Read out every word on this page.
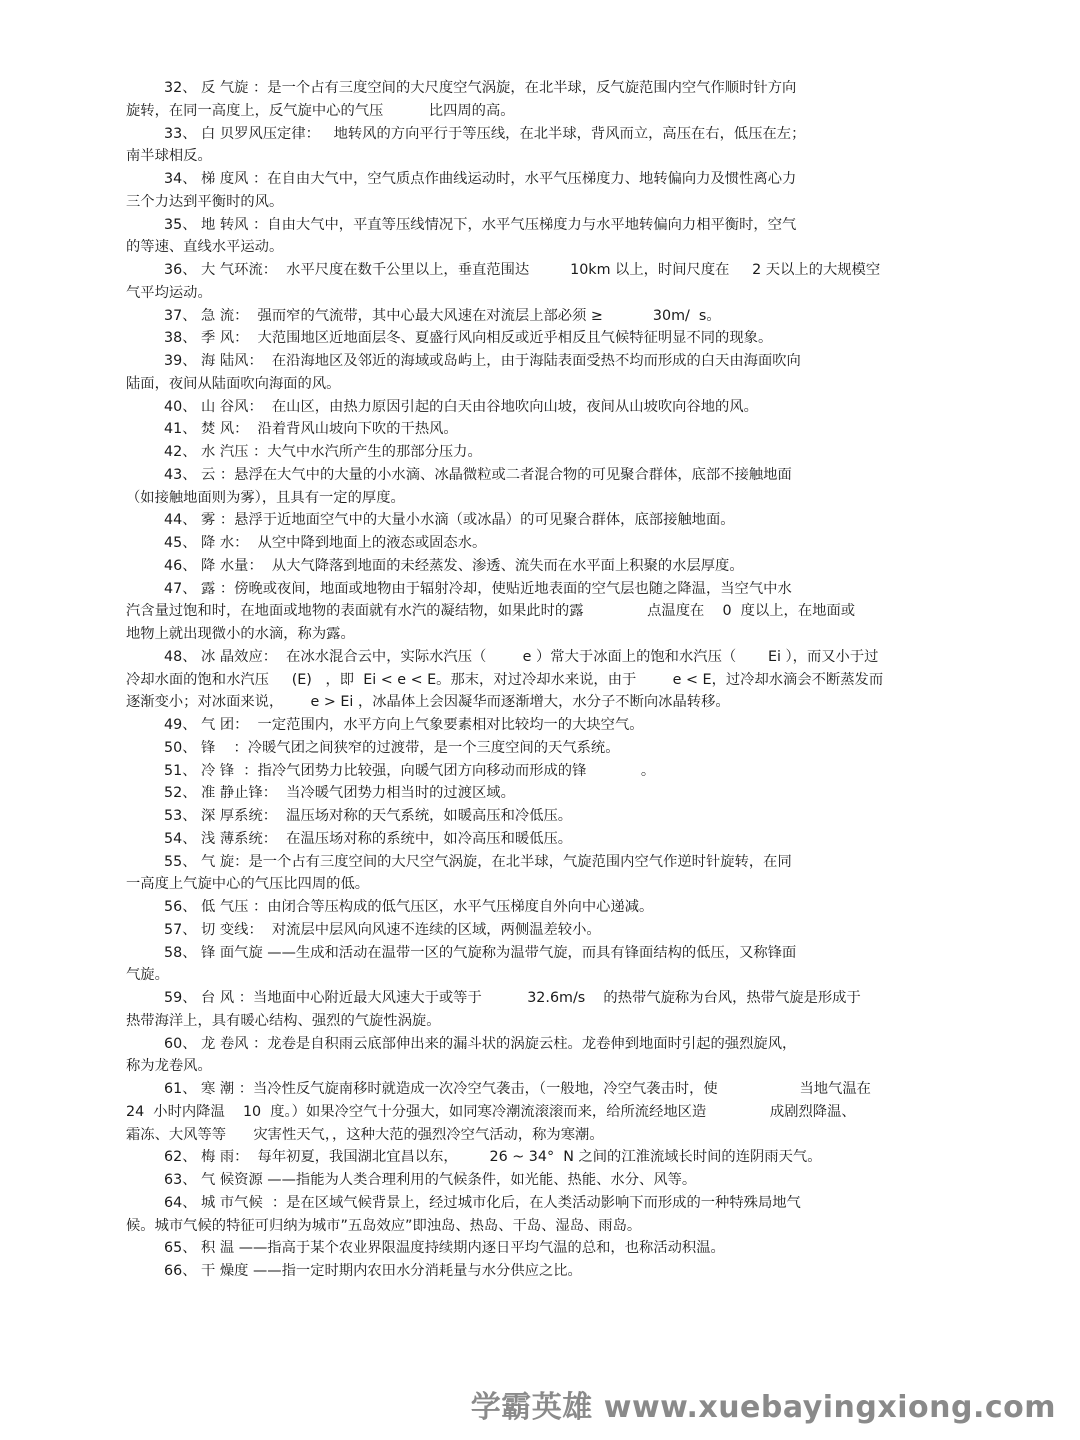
32、 反 气旋 ：是一个占有三度空间的大尺度空气涡旋，在北半球，反气旋范围内空气作顺时针方向
旋转，在同一高度上，反气旋中心的气压          比四周的高。
33、 白 贝罗风压定律：   地转风的方向平行于等压线，在北半球，背风而立，高压在右，低压在左；
南半球相反。
34、 梯 度风 ：在自由大气中，空气质点作曲线运动时，水平气压梯度力、地转偏向力及惯性离心力
三个力达到平衡时的风。
35、 地 转风 ：自由大气中，平直等压线情况下，水平气压梯度力与水平地转偏向力相平衡时，空气
的等速、直线水平运动。
36、 大 气环流：  水平尺度在数千公里以上，垂直范围达         10km 以上，时间尺度在     2 天以上的大规模空
气平均运动。
37、 急 流：  强而窄的气流带，其中心最大风速在对流层上部必须 ≥           30m/  s。
38、 季 风：  大范围地区近地面层冬、夏盛行风向相反或近乎相反且气候特征明显不同的现象。
39、 海 陆风：  在沿海地区及邻近的海域或岛屿上，由于海陆表面受热不均而形成的白天由海面吹向
陆面，夜间从陆面吹向海面的风。
40、 山 谷风：  在山区，由热力原因引起的白天由谷地吹向山坡，夜间从山坡吹向谷地的风。
41、 焚 风：  沿着背风山坡向下吹的干热风。
42、 水 汽压 ：大气中水汽所产生的那部分压力。
43、 云 ：悬浮在大气中的大量的小水滴、冰晶微粒或二者混合物的可见聚合群体，底部不接触地面
（如接触地面则为雾），且具有一定的厚度。
44、 雾 ：悬浮于近地面空气中的大量小水滴（或冰晶）的可见聚合群体，底部接触地面。
45、 降 水：  从空中降到地面上的液态或固态水。
46、 降 水量：  从大气降落到地面的未经蒸发、渗透、流失而在水平面上积聚的水层厚度。
47、 露 ：傍晚或夜间，地面或地物由于辐射冷却，使贴近地表面的空气层也随之降温，当空气中水
汽含量过饱和时，在地面或地物的表面就有水汽的凝结物，如果此时的露              点温度在    0  度以上，在地面或
地物上就出现微小的水滴，称为露。
48、 冰 晶效应：  在冰水混合云中，实际水汽压（        e ）常大于冰面上的饱和水汽压（       Ei ），而又小于过
冷却水面的饱和水汽压     (E)   ，即  Ei < e < E。那末，对过冷却水来说，由于        e < E，过冷却水滴会不断蒸发而
逐渐变小；对冰面来说，      e > Ei ，冰晶体上会因凝华而逐渐增大，水分子不断向冰晶转移。
49、 气 团：  一定范围内，水平方向上气象要素相对比较均一的大块空气。
50、 锋    ：冷暖气团之间狭窄的过渡带，是一个三度空间的天气系统。
51、 冷 锋  ：指冷气团势力比较强，向暖气团方向移动而形成的锋            。
52、 准 静止锋：  当冷暖气团势力相当时的过渡区域。
53、 深 厚系统：  温压场对称的天气系统，如暖高压和冷低压。
54、 浅 薄系统：  在温压场对称的系统中，如冷高压和暖低压。
55、 气 旋：是一个占有三度空间的大尺空气涡旋，在北半球，气旋范围内空气作逆时针旋转，在同
一高度上气旋中心的气压比四周的低。
56、 低 气压 ：由闭合等压构成的低气压区，水平气压梯度自外向中心递减。
57、 切 变线：  对流层中层风向风速不连续的区域，两侧温差较小。
58、 锋 面气旋 ——生成和活动在温带一区的气旋称为温带气旋，而具有锋面结构的低压，又称锋面
气旋。
59、 台 风 ：当地面中心附近最大风速大于或等于          32.6m/s    的热带气旋称为台风，热带气旋是形成于
热带海洋上，具有暖心结构、强烈的气旋性涡旋。
60、 龙 卷风 ：龙卷是自积雨云底部伸出来的漏斗状的涡旋云柱。龙卷伸到地面时引起的强烈旋风，
称为龙卷风。
61、 寒 潮 ：当冷性反气旋南移时就造成一次冷空气袭击，（一般地，冷空气袭击时，使                  当地气温在
24  小时内降温    10  度。）如果冷空气十分强大，如同寒冷潮流滚滚而来，给所流经地区造              成剧烈降温、
霜冻、大风等等      灾害性天气，，这种大范的强烈冷空气活动，称为寒潮。
62、 梅 雨：  每年初夏，我国湖北宜昌以东，       26 ~ 34°  N 之间的江淮流域长时间的连阴雨天气。
63、 气 候资源 ——指能为人类合理利用的气候条件，如光能、热能、水分、风等。
64、 城 市气候  ：是在区域气候背景上，经过城市化后，在人类活动影响下而形成的一种特殊局地气
候。城市气候的特征可归纳为城市”五岛效应”即浊岛、热岛、干岛、湿岛、雨岛。
65、 积 温 ——指高于某个农业界限温度持续期内逐日平均气温的总和，也称活动积温。
66、 干 燥度 ——指一定时期内农田水分消耗量与水分供应之比。
学霸英雄 www.xuebayingxiong.com
